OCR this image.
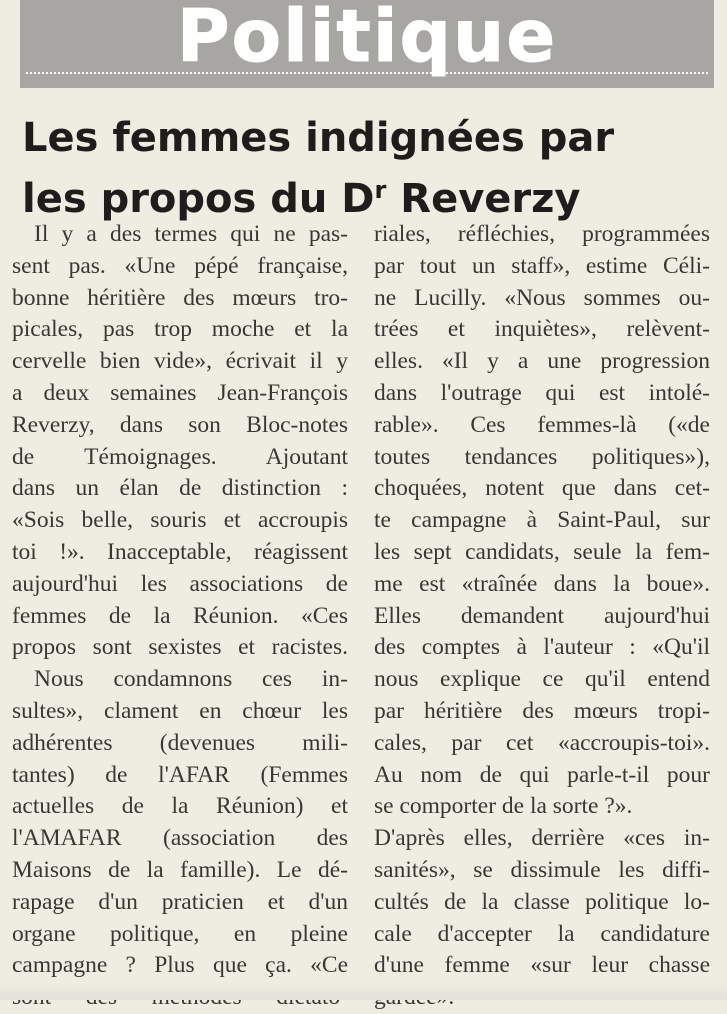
Politique
Les femmes indignées par
les propos du $D^r$ Reverzy
Il y a des termes qui ne pas-
sent pas. «Une pépé française,
bonne héritière des mœurs tro-
picales, pas trop moche et la
cervelle bien vide», écrivait il y
a deux semaines Jean-François
Reverzy, dans son Bloc-notes
de Témoignages. Ajoutant
dans un élan de distinction :
«Sois belle, souris et accroupis
toi !». Inacceptable, réagissent
aujourd'hui les associations de
femmes de la Réunion. «Ces
propos sont sexistes et racistes.
Nous condamnons ces in-
sultes», clament en chœur les
adhérentes (devenues mili-
tantes) de l'AFAR (Femmes
actuelles de la Réunion) et
l'AMAFAR (association des
Maisons de la famille). Le dé-
rapage d'un praticien et d'un
organe politique, en pleine
campagne ? Plus que ça. «Ce
riales, réfléchies, programmées
par tout un staff», estime Céli-
ne Lucilly. «Nous sommes ou-
trées et inquiètes», relèvent-
elles. «Il y a une progression
dans l'outrage qui est intolé-
rable». Ces femmes-là («de
toutes tendances politiques»),
choquées, notent que dans cet-
te campagne à Saint-Paul, sur
les sept candidats, seule la fem-
me est «traînée dans la boue».
Elles demandent aujourd'hui
des comptes à l'auteur : «Qu'il
nous explique ce qu'il entend
par héritière des mœurs tropi-
cales, par cet «accroupis-toi».
Au nom de qui parle-t-il pour
se comporter de la sorte ?».
D'après elles, derrière «ces in-
sanités», se dissimule les diffi-
cultés de la classe politique lo-
cale d'accepter la candidature
d'une femme «sur leur chasse
